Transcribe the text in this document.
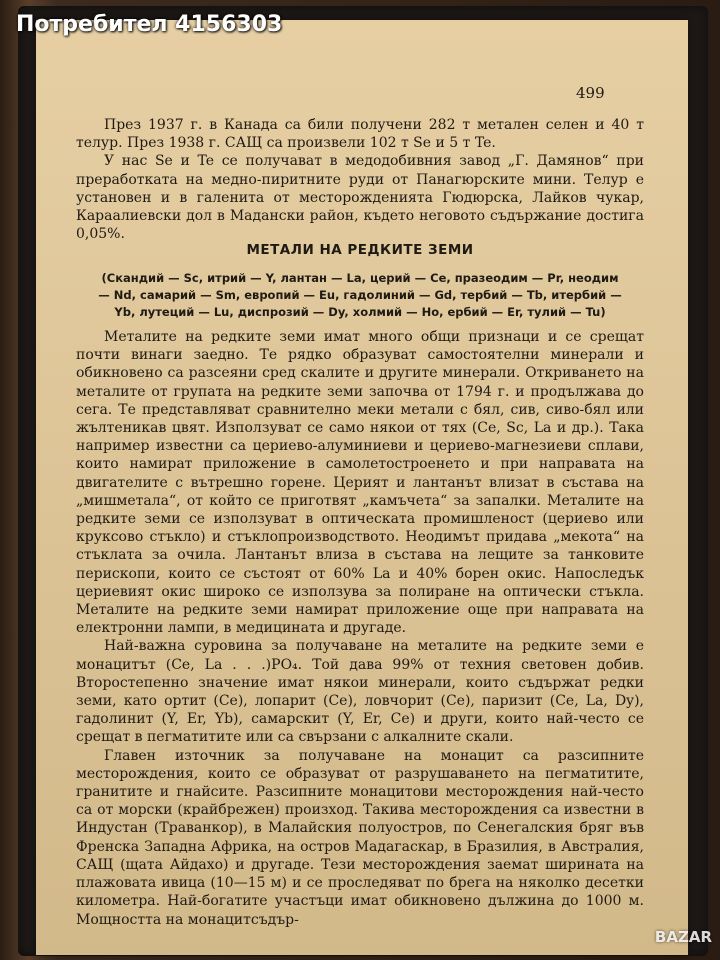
499

През 1937 г. в Канада са били получени 282 т метален селен и 40 т телур. През 1938 г. САЩ са произвели 102 т Se и 5 т Te.

У нас Se и Te се получават в медодобивния завод „Г. Дамянов“ при преработката на медно-пиритните руди от Панагюрските мини. Телур е установен и в галенита от месторожденията Гюдюрска, Лайков чукар, Караалиевски дол в Мадански район, където неговото съдържание достига 0,05%.

МЕТАЛИ НА РЕДКИТЕ ЗЕМИ
(Скандий — Sc, итрий — Y, лантан — La, церий — Ce, празеодим — Pr, неодим — Nd, самарий — Sm, европий — Eu, гадолиний — Gd, тербий — Tb, итербий — Yb, лутеций — Lu, диспрозий — Dy, холмий — Ho, ербий — Er, тулий — Tu)

Металите на редките земи имат много общи признаци и се срещат почти винаги заедно. Те рядко образуват самостоятелни минерали и обикновено са разсеяни сред скалите и другите минерали. Откриването на металите от групата на редките земи започва от 1794 г. и продължава до сега. Те представляват сравнително меки метали с бял, сив, сиво-бял или жълтеникав цвят. Използуват се само някои от тях (Ce, Sc, La и др.). Така например известни са цериево-алуминиеви и цериево-магнезиеви сплави, които намират приложение в самолетостроенето и при направата на двигателите с вътрешно горене. Церият и лантанът влизат в състава на „мишметала“, от който се приготвят „камъчета“ за запалки. Металите на редките земи се използуват в оптическата промишленост (цериево или круксово стъкло) и стъклопроизводството. Неодимът придава „мекота“ на стъклата за очила. Лантанът влиза в състава на лещите за танковите перископи, които се състоят от 60% La и 40% борен окис. Напоследък цериевият окис широко се използува за полиране на оптически стъкла. Металите на редките земи намират приложение още при направата на електронни лампи, в медицината и другаде.

Най-важна суровина за получаване на металите на редките земи е монацитът (Ce, La . . .)PO₄. Той дава 99% от техния световен добив. Второстепенно значение имат някои минерали, които съдържат редки земи, като ортит (Ce), лопарит (Ce), ловчорит (Ce), паризит (Ce, La, Dy), гадолинит (Y, Er, Yb), самарскит (Y, Er, Ce) и други, които най-често се срещат в пегматитите или са свързани с алкалните скали.

Главен източник за получаване на монацит са разсипните месторождения, които се образуват от разрушаването на пегматитите, гранитите и гнайсите. Разсипните монацитови месторождения най-често са от морски (крайбрежен) произход. Такива месторождения са известни в Индустан (Траванкор), в Малайския полуостров, по Сенегалския бряг във Френска Западна Африка, на остров Мадагаскар, в Бразилия, в Австралия, САЩ (щата Айдахо) и другаде. Тези месторождения заемат ширината на плажовата ивица (10—15 м) и се проследяват по брега на няколко десетки километра. Най-богатите участъци имат обикновено дължина до 1000 м. Мощността на монацитсъдър-

Потребител 4156303
BAZAR
